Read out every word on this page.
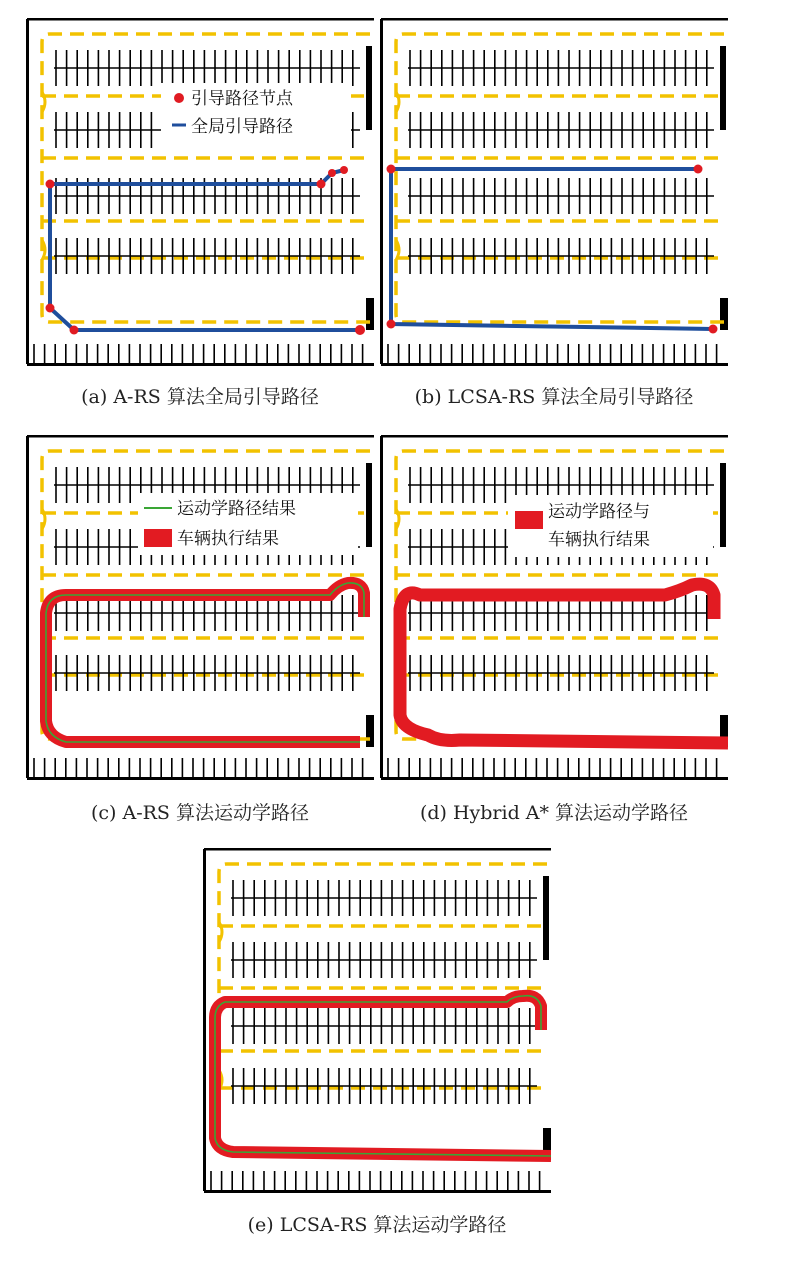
引导路径节点
全局引导路径
(a) A-RS 算法全局引导路径	(b) LCSA-RS 算法全局引导路径
运动学路径结果
车辆执行结果
(c) A-RS 算法运动学路径
运动学路径与
车辆执行结果
(d) Hybrid A* 算法运动学路径
(e) LCSA-RS 算法运动学路径
